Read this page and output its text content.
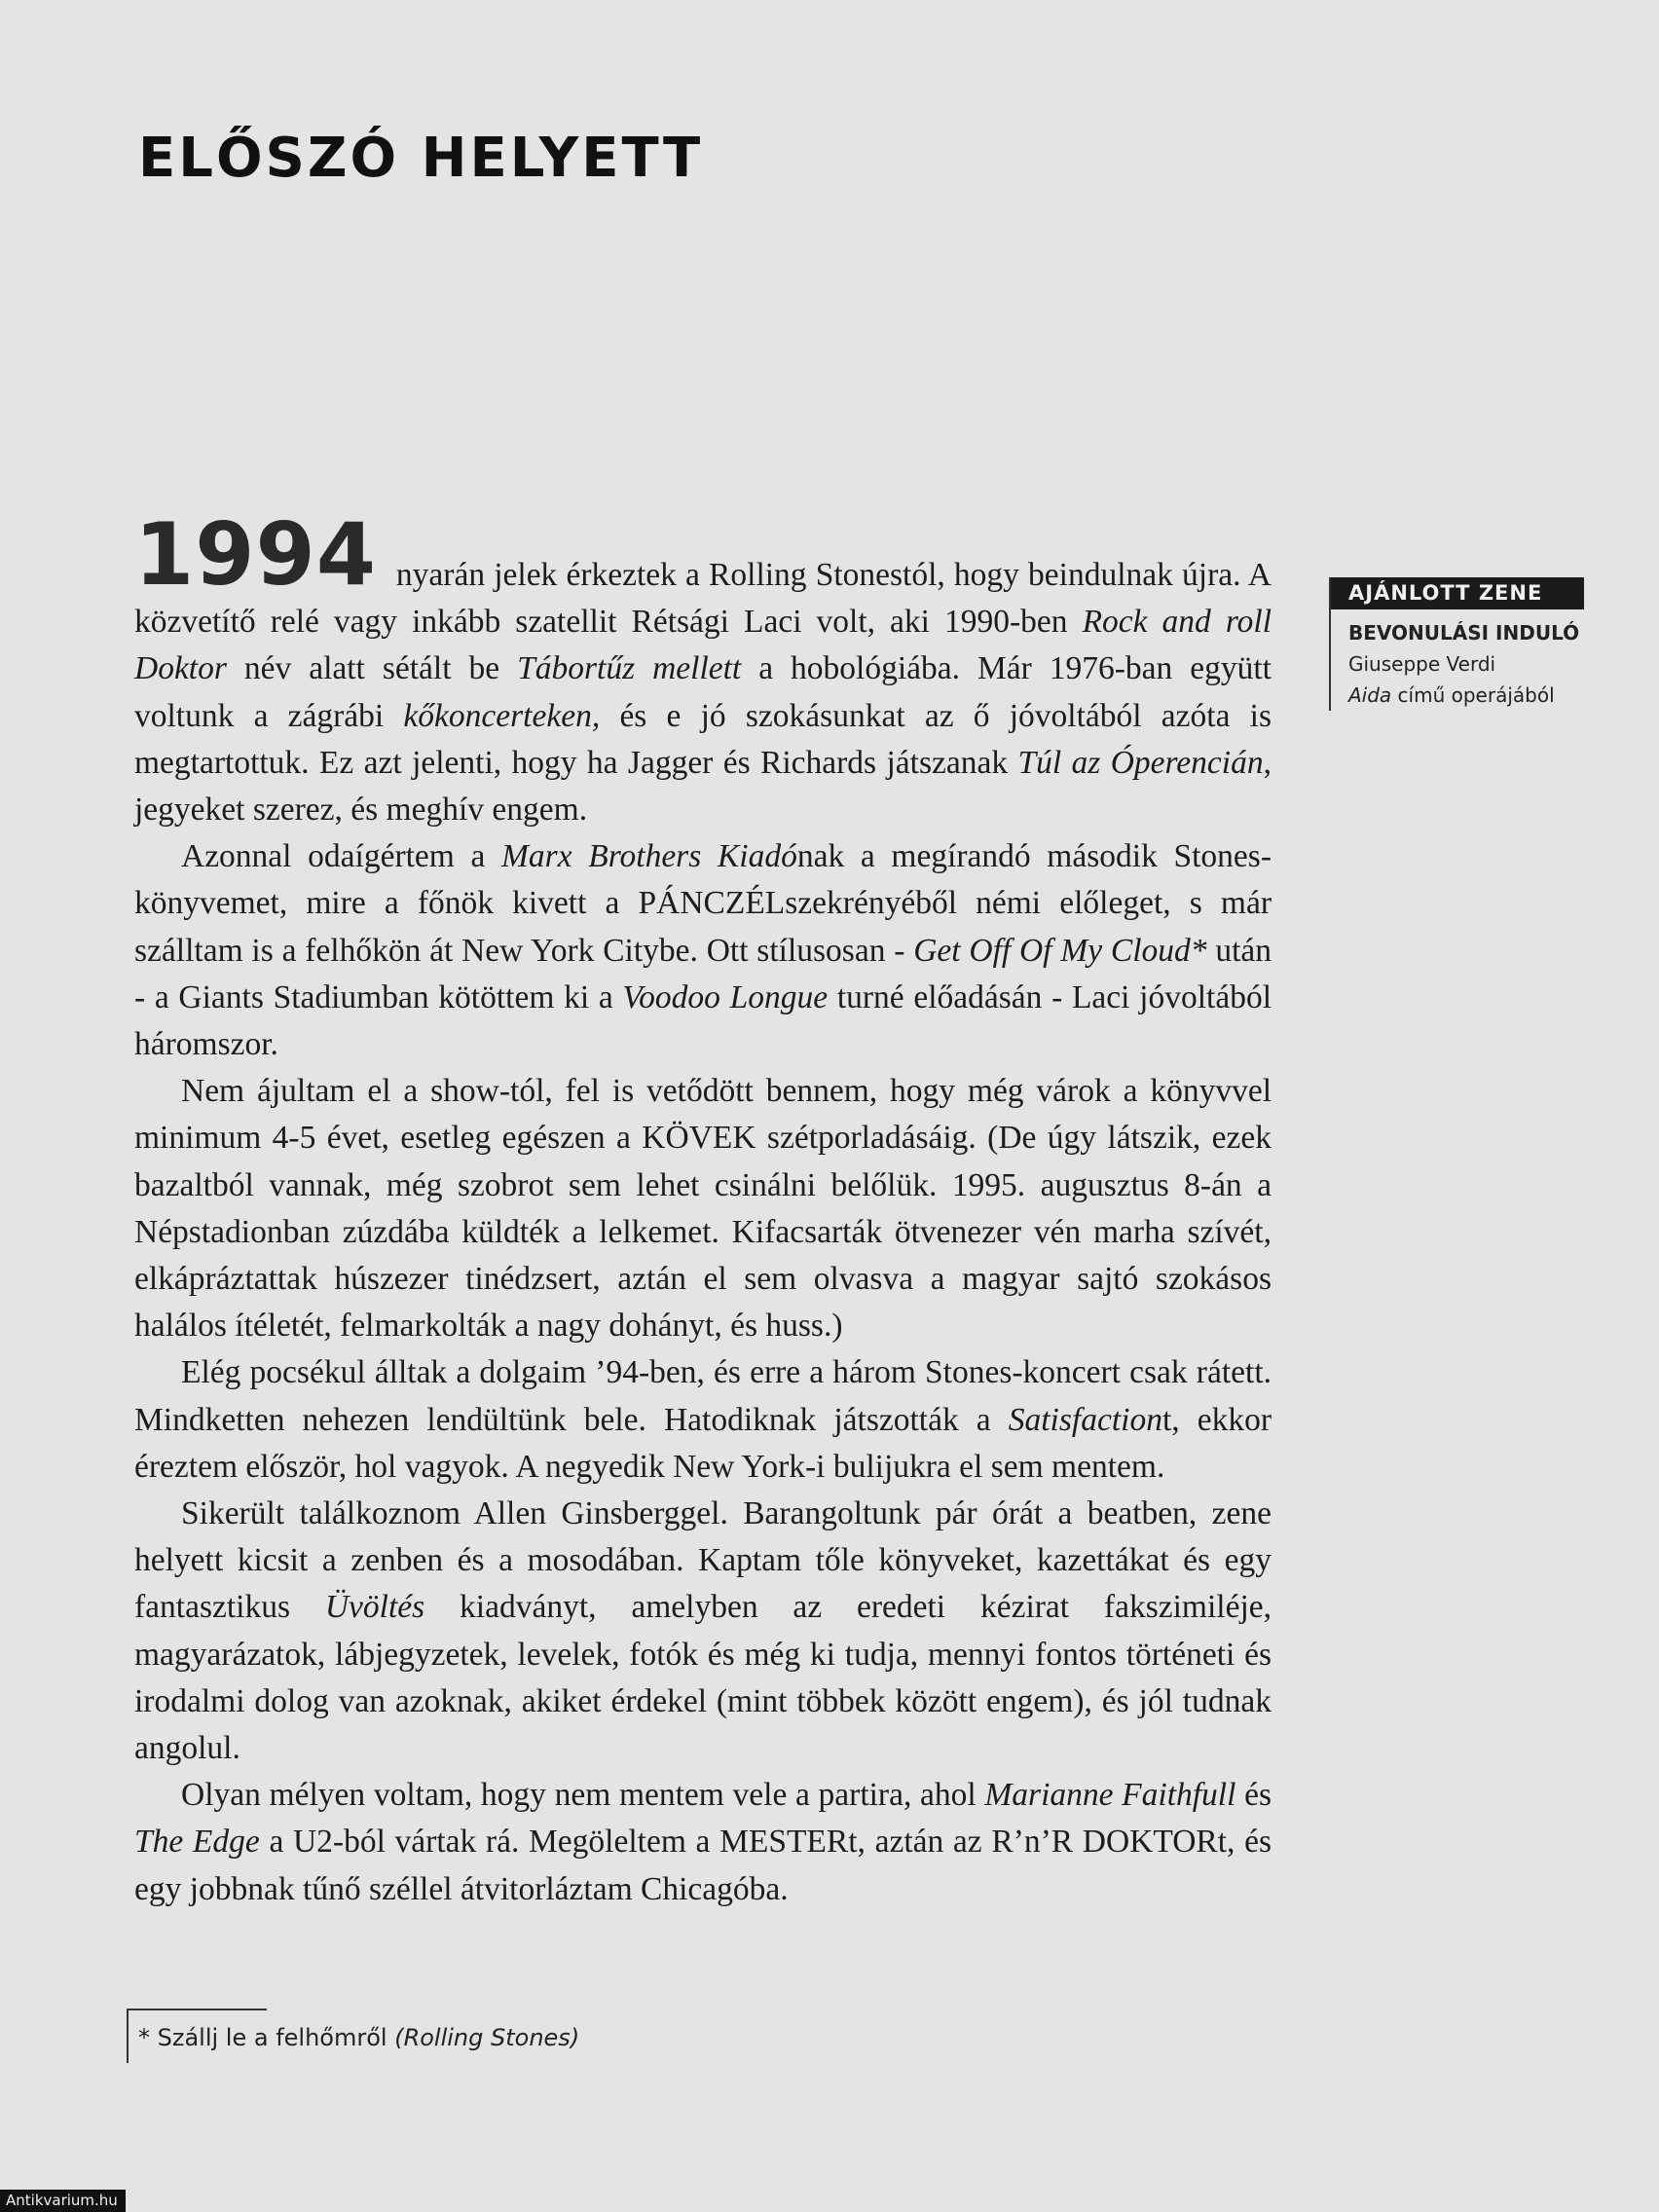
ELŐSZÓ HELYETT

1994 nyarán jelek érkeztek a Rolling Stonestól, hogy beindulnak újra. A közvetítő relé vagy inkább szatellit Rétsági Laci volt, aki 1990-ben Rock and roll Doktor név alatt sétált be Tábortűz mellett a hobológiába. Már 1976-ban együtt voltunk a zágrábi kőkoncerteken, és e jó szokásunkat az ő jóvoltából azóta is megtartottuk. Ez azt jelenti, hogy ha Jagger és Richards játszanak Túl az Óperencián, jegyeket szerez, és meghív engem.

Azonnal odaígértem a Marx Brothers Kiadónak a megírandó második Stones-könyvemet, mire a főnök kivett a PÁNCZÉLszekrényéből némi előleget, s már szálltam is a felhőkön át New York Citybe. Ott stílusosan - Get Off Of My Cloud* után - a Giants Stadiumban kötöttem ki a Voodoo Longue turné előadásán - Laci jóvoltából háromszor.

Nem ájultam el a show-tól, fel is vetődött bennem, hogy még várok a könyvvel minimum 4-5 évet, esetleg egészen a KÖVEK szétporladásáig. (De úgy látszik, ezek bazaltból vannak, még szobrot sem lehet csinálni belőlük. 1995. augusztus 8-án a Népstadionban zúzdába küldték a lelkemet. Kifacsarták ötvenezer vén marha szívét, elkápráztattak húszezer tinédzsert, aztán el sem olvasva a magyar sajtó szokásos halálos ítéletét, felmarkolták a nagy dohányt, és huss.)

Elég pocsékul álltak a dolgaim ’94-ben, és erre a három Stones-koncert csak rátett. Mindketten nehezen lendültünk bele. Hatodiknak játszották a Satisfactiont, ekkor éreztem először, hol vagyok. A negyedik New York-i bulijukra el sem mentem.

Sikerült találkoznom Allen Ginsberggel. Barangoltunk pár órát a beatben, zene helyett kicsit a zenben és a mosodában. Kaptam tőle könyveket, kazettákat és egy fantasztikus Üvöltés kiadványt, amelyben az eredeti kézirat fakszimiléje, magyarázatok, lábjegyzetek, levelek, fotók és még ki tudja, mennyi fontos történeti és irodalmi dolog van azoknak, akiket érdekel (mint többek között engem), és jól tudnak angolul.

Olyan mélyen voltam, hogy nem mentem vele a partira, ahol Marianne Faithfull és The Edge a U2-ból vártak rá. Megöleltem a MESTERt, aztán az R’n’R DOKTORt, és egy jobbnak tűnő széllel átvitorláztam Chicagóba.

AJÁNLOTT ZENE
BEVONULÁSI INDULÓ
Giuseppe Verdi
Aida című operájából
* Szállj le a felhőmről (Rolling Stones)
Antikvarium.hu
